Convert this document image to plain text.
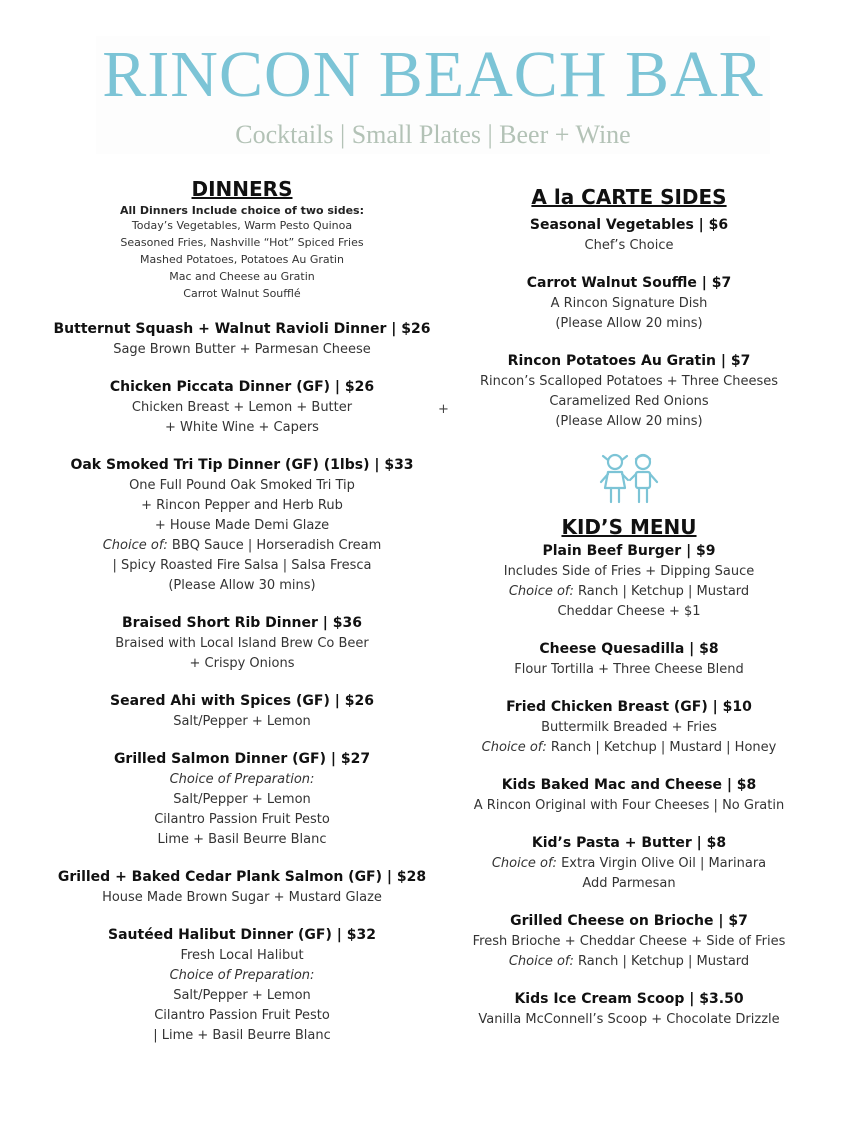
RINCON BEACH BAR
Cocktails | Small Plates | Beer + Wine
DINNERS
All Dinners Include choice of two sides:
Today’s Vegetables, Warm Pesto Quinoa
Seasoned Fries, Nashville “Hot” Spiced Fries
Mashed Potatoes, Potatoes Au Gratin
Mac and Cheese au Gratin
Carrot Walnut Soufflé
Butternut Squash + Walnut Ravioli Dinner | $26
Sage Brown Butter + Parmesan Cheese
Chicken Piccata Dinner (GF) | $26
Chicken Breast + Lemon + Butter
+ White Wine + Capers
Oak Smoked Tri Tip Dinner (GF) (1lbs) | $33
One Full Pound Oak Smoked Tri Tip
+ Rincon Pepper and Herb Rub
+ House Made Demi Glaze
Choice of: BBQ Sauce | Horseradish Cream
| Spicy Roasted Fire Salsa | Salsa Fresca
(Please Allow 30 mins)
Braised Short Rib Dinner | $36
Braised with Local Island Brew Co Beer
+ Crispy Onions
Seared Ahi with Spices (GF) | $26
Salt/Pepper + Lemon
Grilled Salmon Dinner (GF) | $27
Choice of Preparation:
Salt/Pepper + Lemon
Cilantro Passion Fruit Pesto
Lime + Basil Beurre Blanc
Grilled + Baked Cedar Plank Salmon (GF) | $28
House Made Brown Sugar + Mustard Glaze
Sautéed Halibut Dinner (GF) | $32
Fresh Local Halibut
Choice of Preparation:
Salt/Pepper + Lemon
Cilantro Passion Fruit Pesto
| Lime + Basil Beurre Blanc
+
A la CARTE SIDES
Seasonal Vegetables | $6
Chef’s Choice
Carrot Walnut Souffle | $7
A Rincon Signature Dish
(Please Allow 20 mins)
Rincon Potatoes Au Gratin | $7
Rincon’s Scalloped Potatoes + Three Cheeses
Caramelized Red Onions
(Please Allow 20 mins)
KID’S MENU
Plain Beef Burger | $9
Includes Side of Fries + Dipping Sauce
Choice of: Ranch | Ketchup | Mustard
Cheddar Cheese + $1
Cheese Quesadilla | $8
Flour Tortilla + Three Cheese Blend
Fried Chicken Breast (GF) | $10
Buttermilk Breaded + Fries
Choice of: Ranch | Ketchup | Mustard | Honey
Kids Baked Mac and Cheese | $8
A Rincon Original with Four Cheeses | No Gratin
Kid’s Pasta + Butter | $8
Choice of: Extra Virgin Olive Oil | Marinara
Add Parmesan
Grilled Cheese on Brioche | $7
Fresh Brioche + Cheddar Cheese + Side of Fries
Choice of: Ranch | Ketchup | Mustard
Kids Ice Cream Scoop | $3.50
Vanilla McConnell’s Scoop + Chocolate Drizzle
